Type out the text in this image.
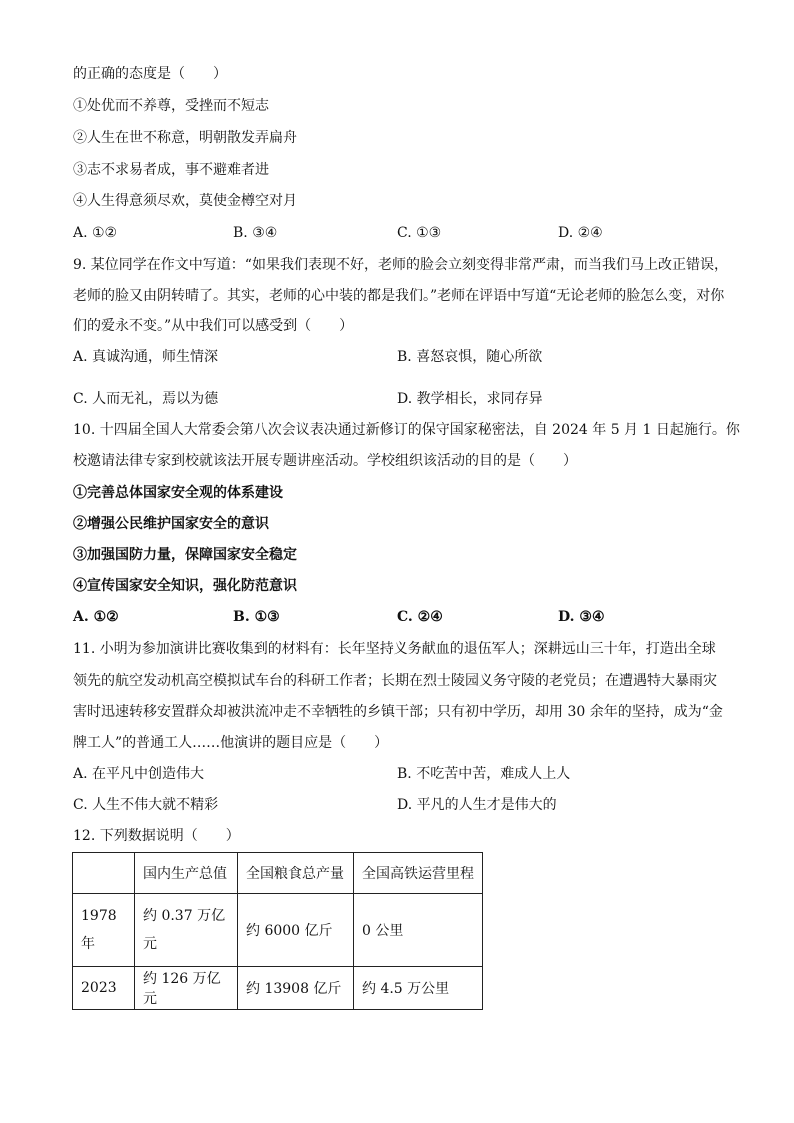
的正确的态度是（　　）
①处优而不养尊，受挫而不短志
②人生在世不称意，明朝散发弄扁舟
③志不求易者成，事不避难者进
④人生得意须尽欢，莫使金樽空对月
A. ①②	B. ③④	C. ①③	D. ②④
9. 某位同学在作文中写道：“如果我们表现不好，老师的脸会立刻变得非常严肃，而当我们马上改正错误，
老师的脸又由阴转晴了。其实，老师的心中装的都是我们。”老师在评语中写道“无论老师的脸怎么变，对你
们的爱永不变。”从中我们可以感受到（　　）
A. 真诚沟通，师生情深	B. 喜怒哀惧，随心所欲
C. 人而无礼，焉以为德	D. 教学相长，求同存异
10. 十四届全国人大常委会第八次会议表决通过新修订的保守国家秘密法，自 2024 年 5 月 1 日起施行。你
校邀请法律专家到校就该法开展专题讲座活动。学校组织该活动的目的是（　　）
①完善总体国家安全观的体系建设
②增强公民维护国家安全的意识
③加强国防力量，保障国家安全稳定
④宣传国家安全知识，强化防范意识
A. ①②	B. ①③	C. ②④	D. ③④
11. 小明为参加演讲比赛收集到的材料有：长年坚持义务献血的退伍军人；深耕远山三十年，打造出全球
领先的航空发动机高空模拟试车台的科研工作者；长期在烈士陵园义务守陵的老党员；在遭遇特大暴雨灾
害时迅速转移安置群众却被洪流冲走不幸牺牲的乡镇干部；只有初中学历，却用 30 余年的坚持，成为“金
牌工人”的普通工人……他演讲的题目应是（　　）
A. 在平凡中创造伟大	B. 不吃苦中苦，难成人上人
C. 人生不伟大就不精彩	D. 平凡的人生才是伟大的
12. 下列数据说明（　　）
	国内生产总值	全国粮食总产量	全国高铁运营里程
1978 年	约 0.37 万亿元	约 6000 亿斤	0 公里
2023	约 126 万亿元	约 13908 亿斤	约 4.5 万公里
